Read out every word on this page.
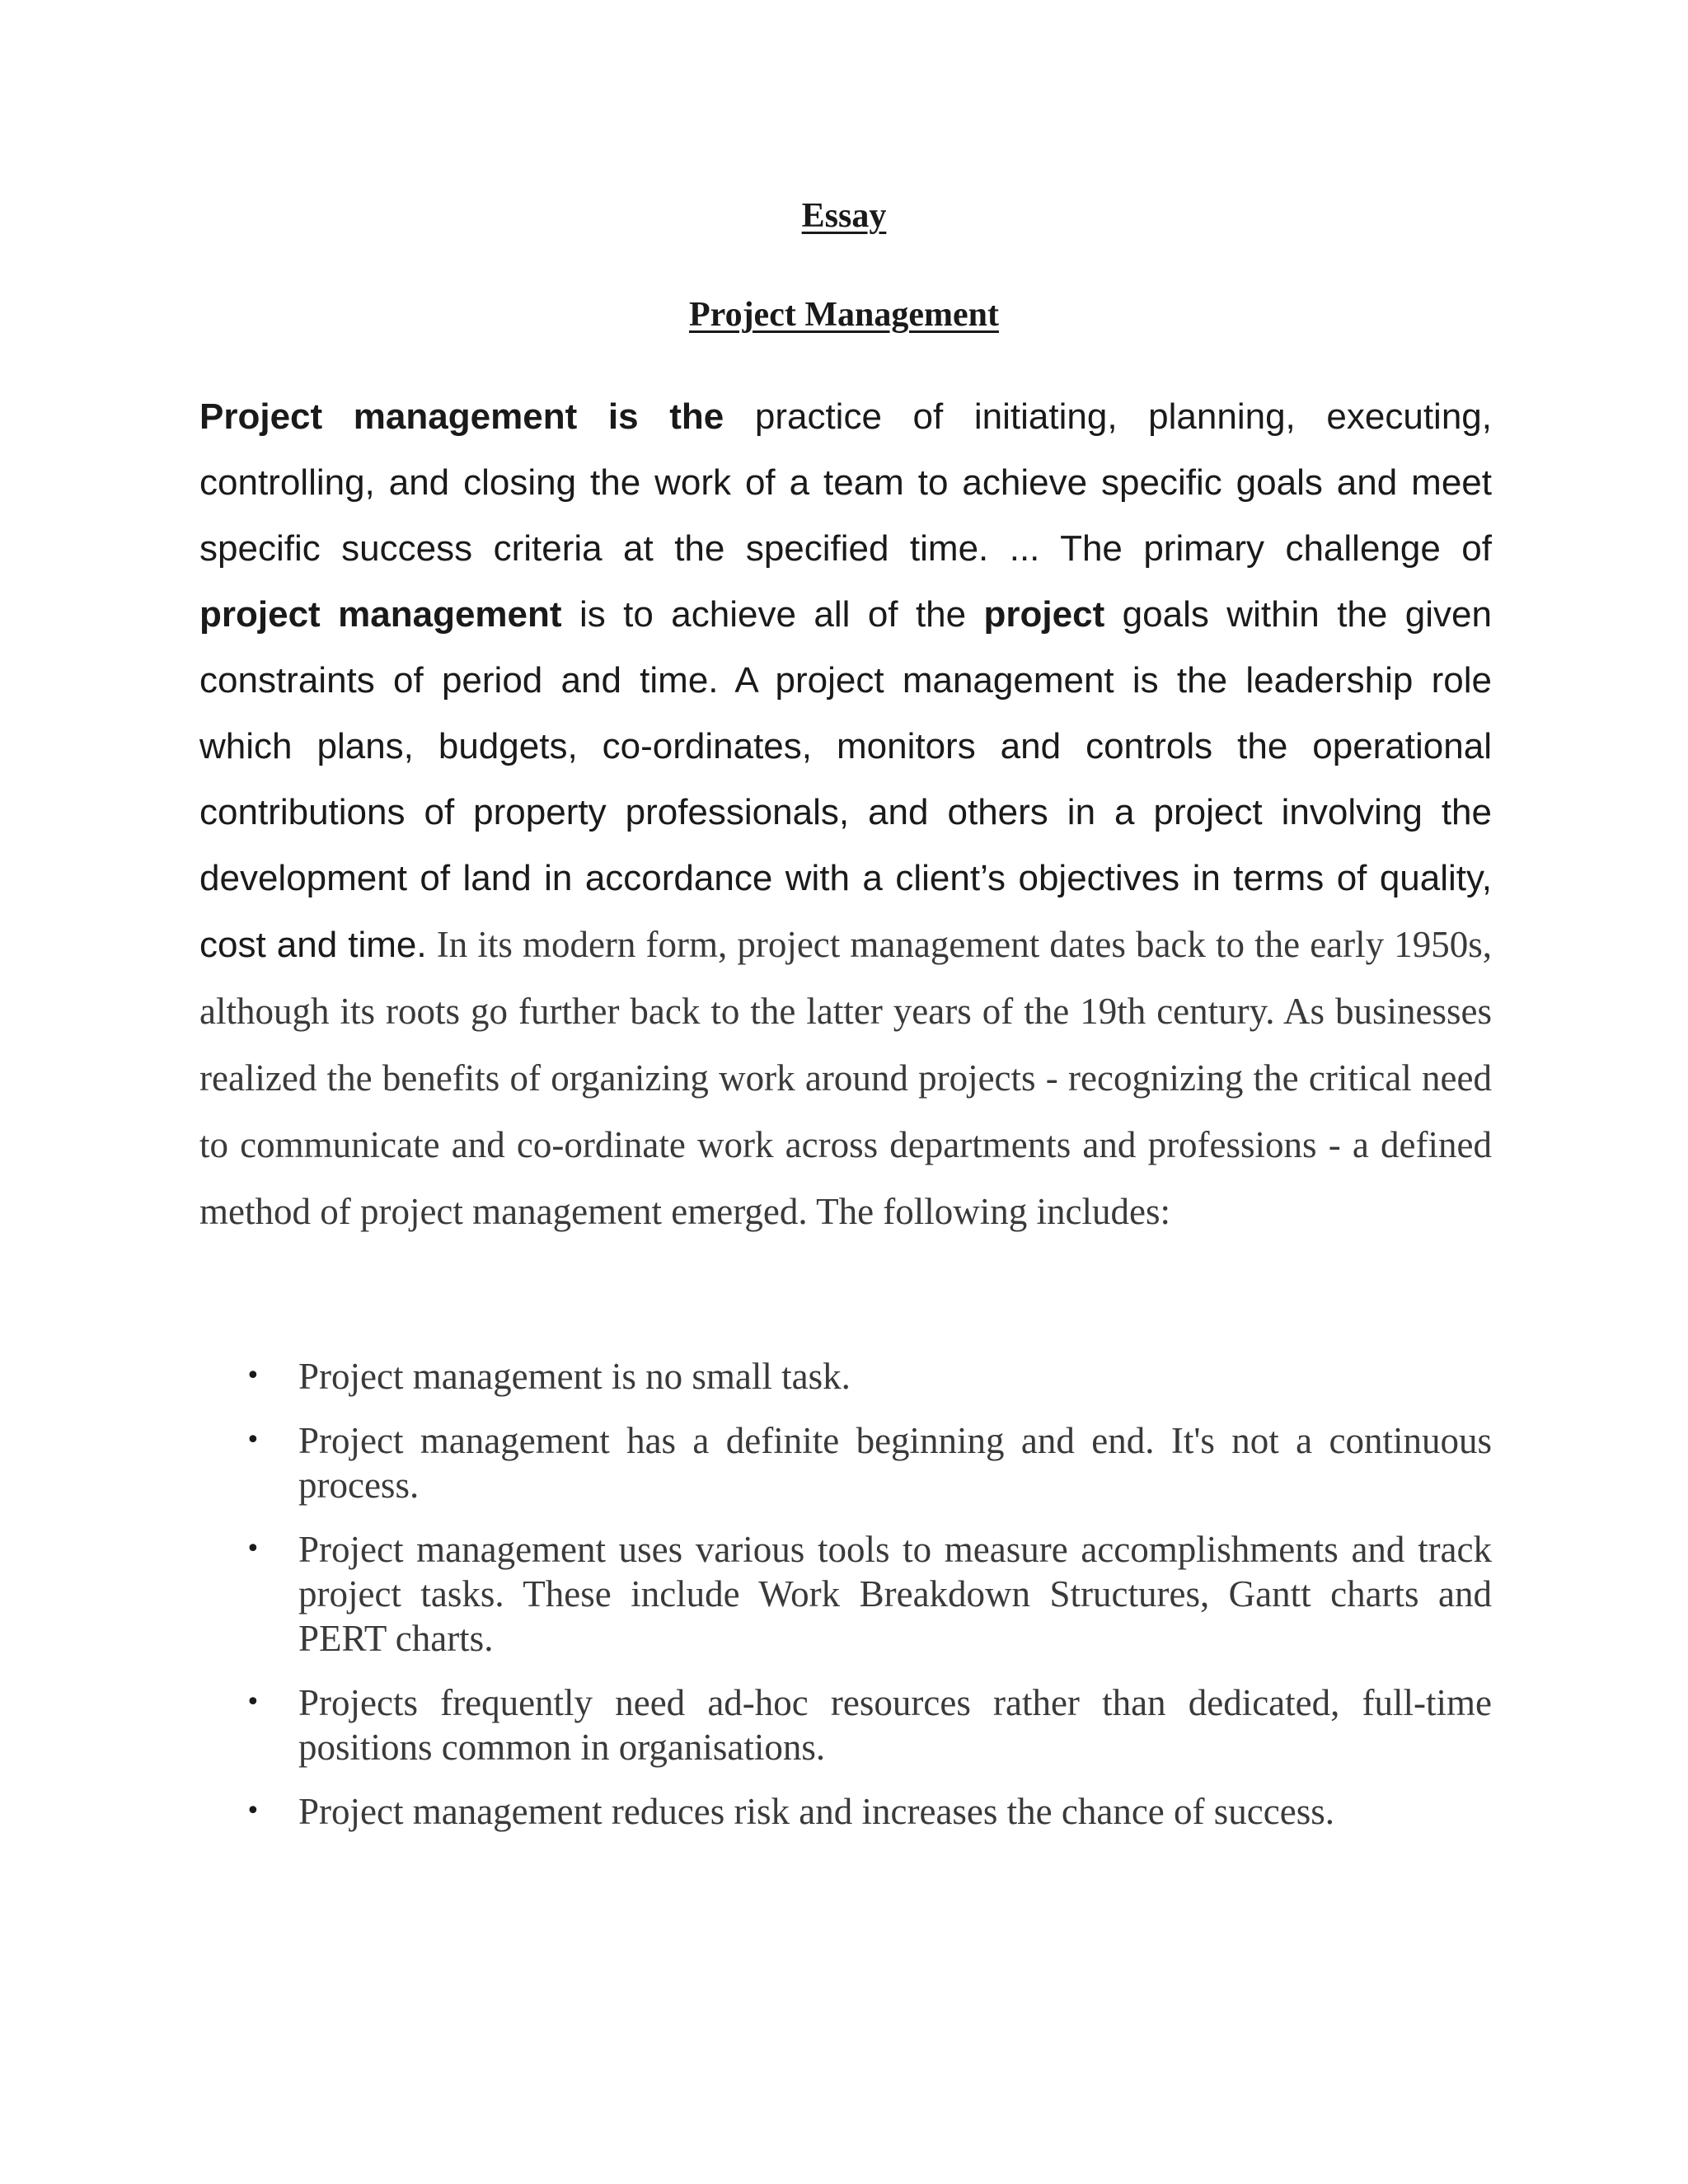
Essay
Project Management

Project management is the practice of initiating, planning, executing, controlling, and closing the work of a team to achieve specific goals and meet specific success criteria at the specified time. ... The primary challenge of project management is to achieve all of the project goals within the given constraints of period and time. A project management is the leadership role which plans, budgets, co-ordinates, monitors and controls the operational contributions of property professionals, and others in a project involving the development of land in accordance with a client’s objectives in terms of quality, cost and time. In its modern form, project management dates back to the early 1950s, although its roots go further back to the latter years of the 19th century. As businesses realized the benefits of organizing work around projects - recognizing the critical need to communicate and co-ordinate work across departments and professions - a defined method of project management emerged. The following includes:

• Project management is no small task.
• Project management has a definite beginning and end. It's not a continuous process.
• Project management uses various tools to measure accomplishments and track project tasks. These include Work Breakdown Structures, Gantt charts and PERT charts.
• Projects frequently need ad-hoc resources rather than dedicated, full-time positions common in organisations.
• Project management reduces risk and increases the chance of success.
